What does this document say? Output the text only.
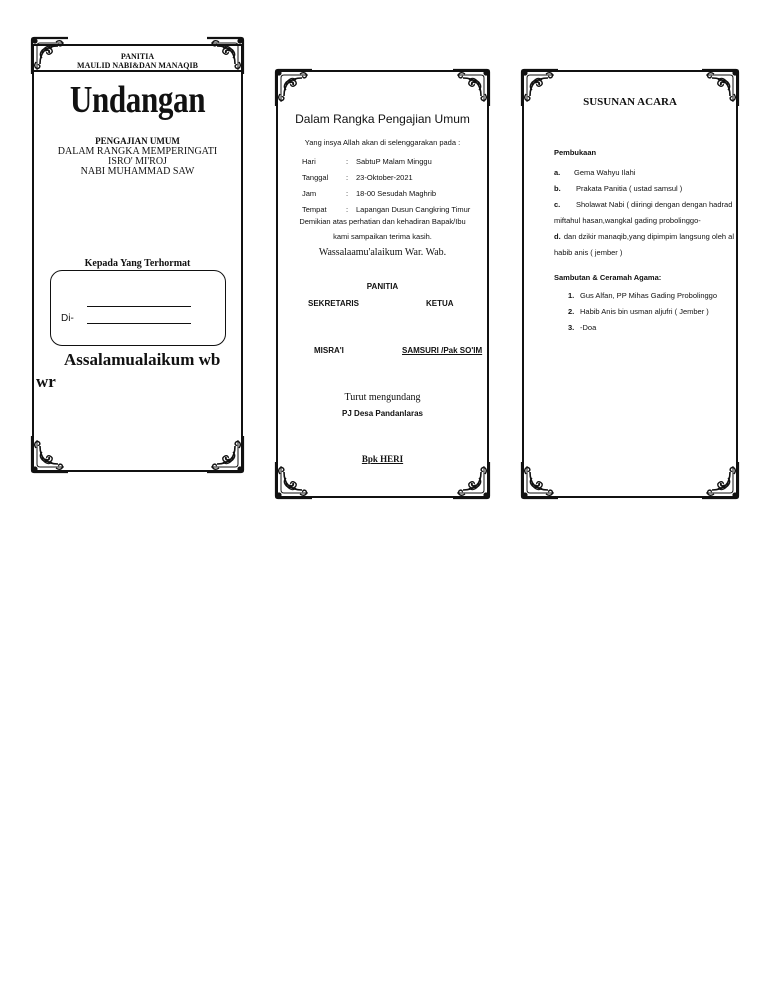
PANITIA
MAULID NABI&DAN MANAQIB
Undangan
PENGAJIAN UMUM
DALAM RANGKA MEMPERINGATI
ISRO' MI'ROJ
NABI MUHAMMAD SAW
Kepada Yang Terhormat
Di-
Assalamualaikum wb
wr
Dalam Rangka Pengajian Umum
Yang insya Allah akan di selenggarakan pada :
Hari	:	SabtuP Malam Minggu
Tanggal	:	23-Oktober-2021
Jam	:	18-00 Sesudah Maghrib
Tempat	:	Lapangan Dusun Cangkring Timur
Demikian atas perhatian dan kehadiran Bapak/Ibu
kami sampaikan terima kasih.
Wassalaamu'alaikum War. Wab.
PANITIA
SEKRETARIS	KETUA
MISRA'I	SAMSURI /Pak SO'IM
Turut mengundang
PJ Desa Pandanlaras
Bpk HERI
SUSUNAN ACARA
Pembukaan
a.	Gema Wahyu Ilahi
b.	Prakata Panitia ( ustad samsul )
c.	Sholawat Nabi ( diiringi dengan dengan hadrad
miftahul hasan,wangkal gading probolinggo-
d. dan dzikir manaqib,yang dipimpim langsung oleh al
habib anis ( jember )
Sambutan & Ceramah Agama:
1. Gus Alfan, PP Mihas Gading Probolinggo
2. Habib Anis bin usman aljufri ( Jember )
3. -Doa
